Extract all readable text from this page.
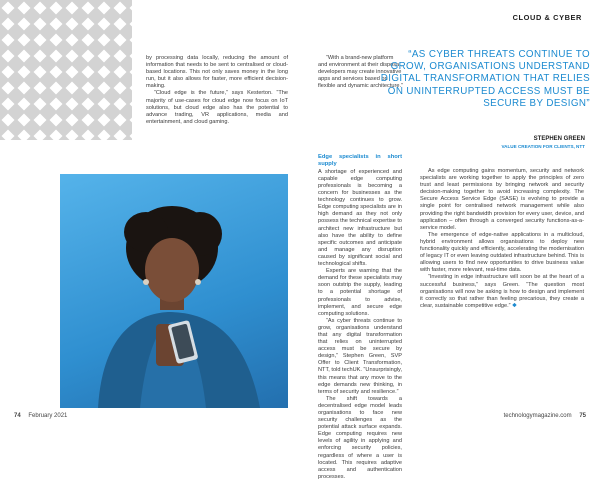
by processing data locally, reducing the amount of information that needs to be sent to centralised or cloud-based locations. This not only saves money in the long run, but it also allows for faster, more efficient decision-making.

“Cloud edge is the future,” says Kesterton. “The majority of use-cases for cloud edge now focus on IoT solutions, but cloud edge also has the potential to advance trading, VR applications, media and entertainment, and cloud gaming.

“With a brand-new platform and environment at their disposal, developers may create innovative apps and services based on flexible and dynamic architecture.”

Edge specialists in short supply

A shortage of experienced and capable edge computing professionals is becoming a concern for businesses as the technology continues to grow. Edge computing specialists are in high demand as they not only possess the technical expertise to architect new infrastructure but also have the ability to define specific outcomes and anticipate and manage any disruption caused by significant social and technological shifts.

Experts are warning that the demand for these specialists may soon outstrip the supply, leading to a potential shortage of professionals to advise, implement, and secure edge computing solutions.

“As cyber threats continue to grow, organisations understand that any digital transformation that relies on uninterrupted access must be secure by design,” Stephen Green, SVP Offer to Client Transformation, NTT, told techUK. “Unsurprisingly, this means that any move to the edge demands new thinking, in terms of security and resilience.”

The shift towards a decentralised edge model leads organisations to face new security challenges as the potential attack surface expands. Edge computing requires new levels of agility in applying and enforcing security policies, regardless of where a user is located. This requires adaptive access and authentication processes.

74 February 2021
CLOUD & CYBER

“AS CYBER THREATS CONTINUE TO GROW, ORGANISATIONS UNDERSTAND DIGITAL TRANSFORMATION THAT RELIES ON UNINTERRUPTED ACCESS MUST BE SECURE BY DESIGN”

STEPHEN GREEN
VALUE CREATION FOR CLIENTS, NTT

As edge computing gains momentum, security and network specialists are working together to apply the principles of zero trust and least permissions by bringing network and security decision-making together to avoid increasing complexity. The Secure Access Service Edge (SASE) is evolving to provide a single point for centralised network management while also providing the right bandwidth provision for every user, device, and application – often through a converged security functions-as-a-service model.

The emergence of edge-native applications in a multicloud, hybrid environment allows organisations to deploy new functionality quickly and efficiently, accelerating the modernisation of legacy IT or even leaving outdated infrastructure behind. This is allowing users to find new opportunities to drive business value with faster, more relevant, real-time data.

“Investing in edge infrastructure will soon be at the heart of a successful business,” says Green. “The question most organisations will now be asking is how to design and implement it correctly so that rather than feeling precarious, they create a clear, sustainable competitive edge.” ❖

technologymagazine.com 75
